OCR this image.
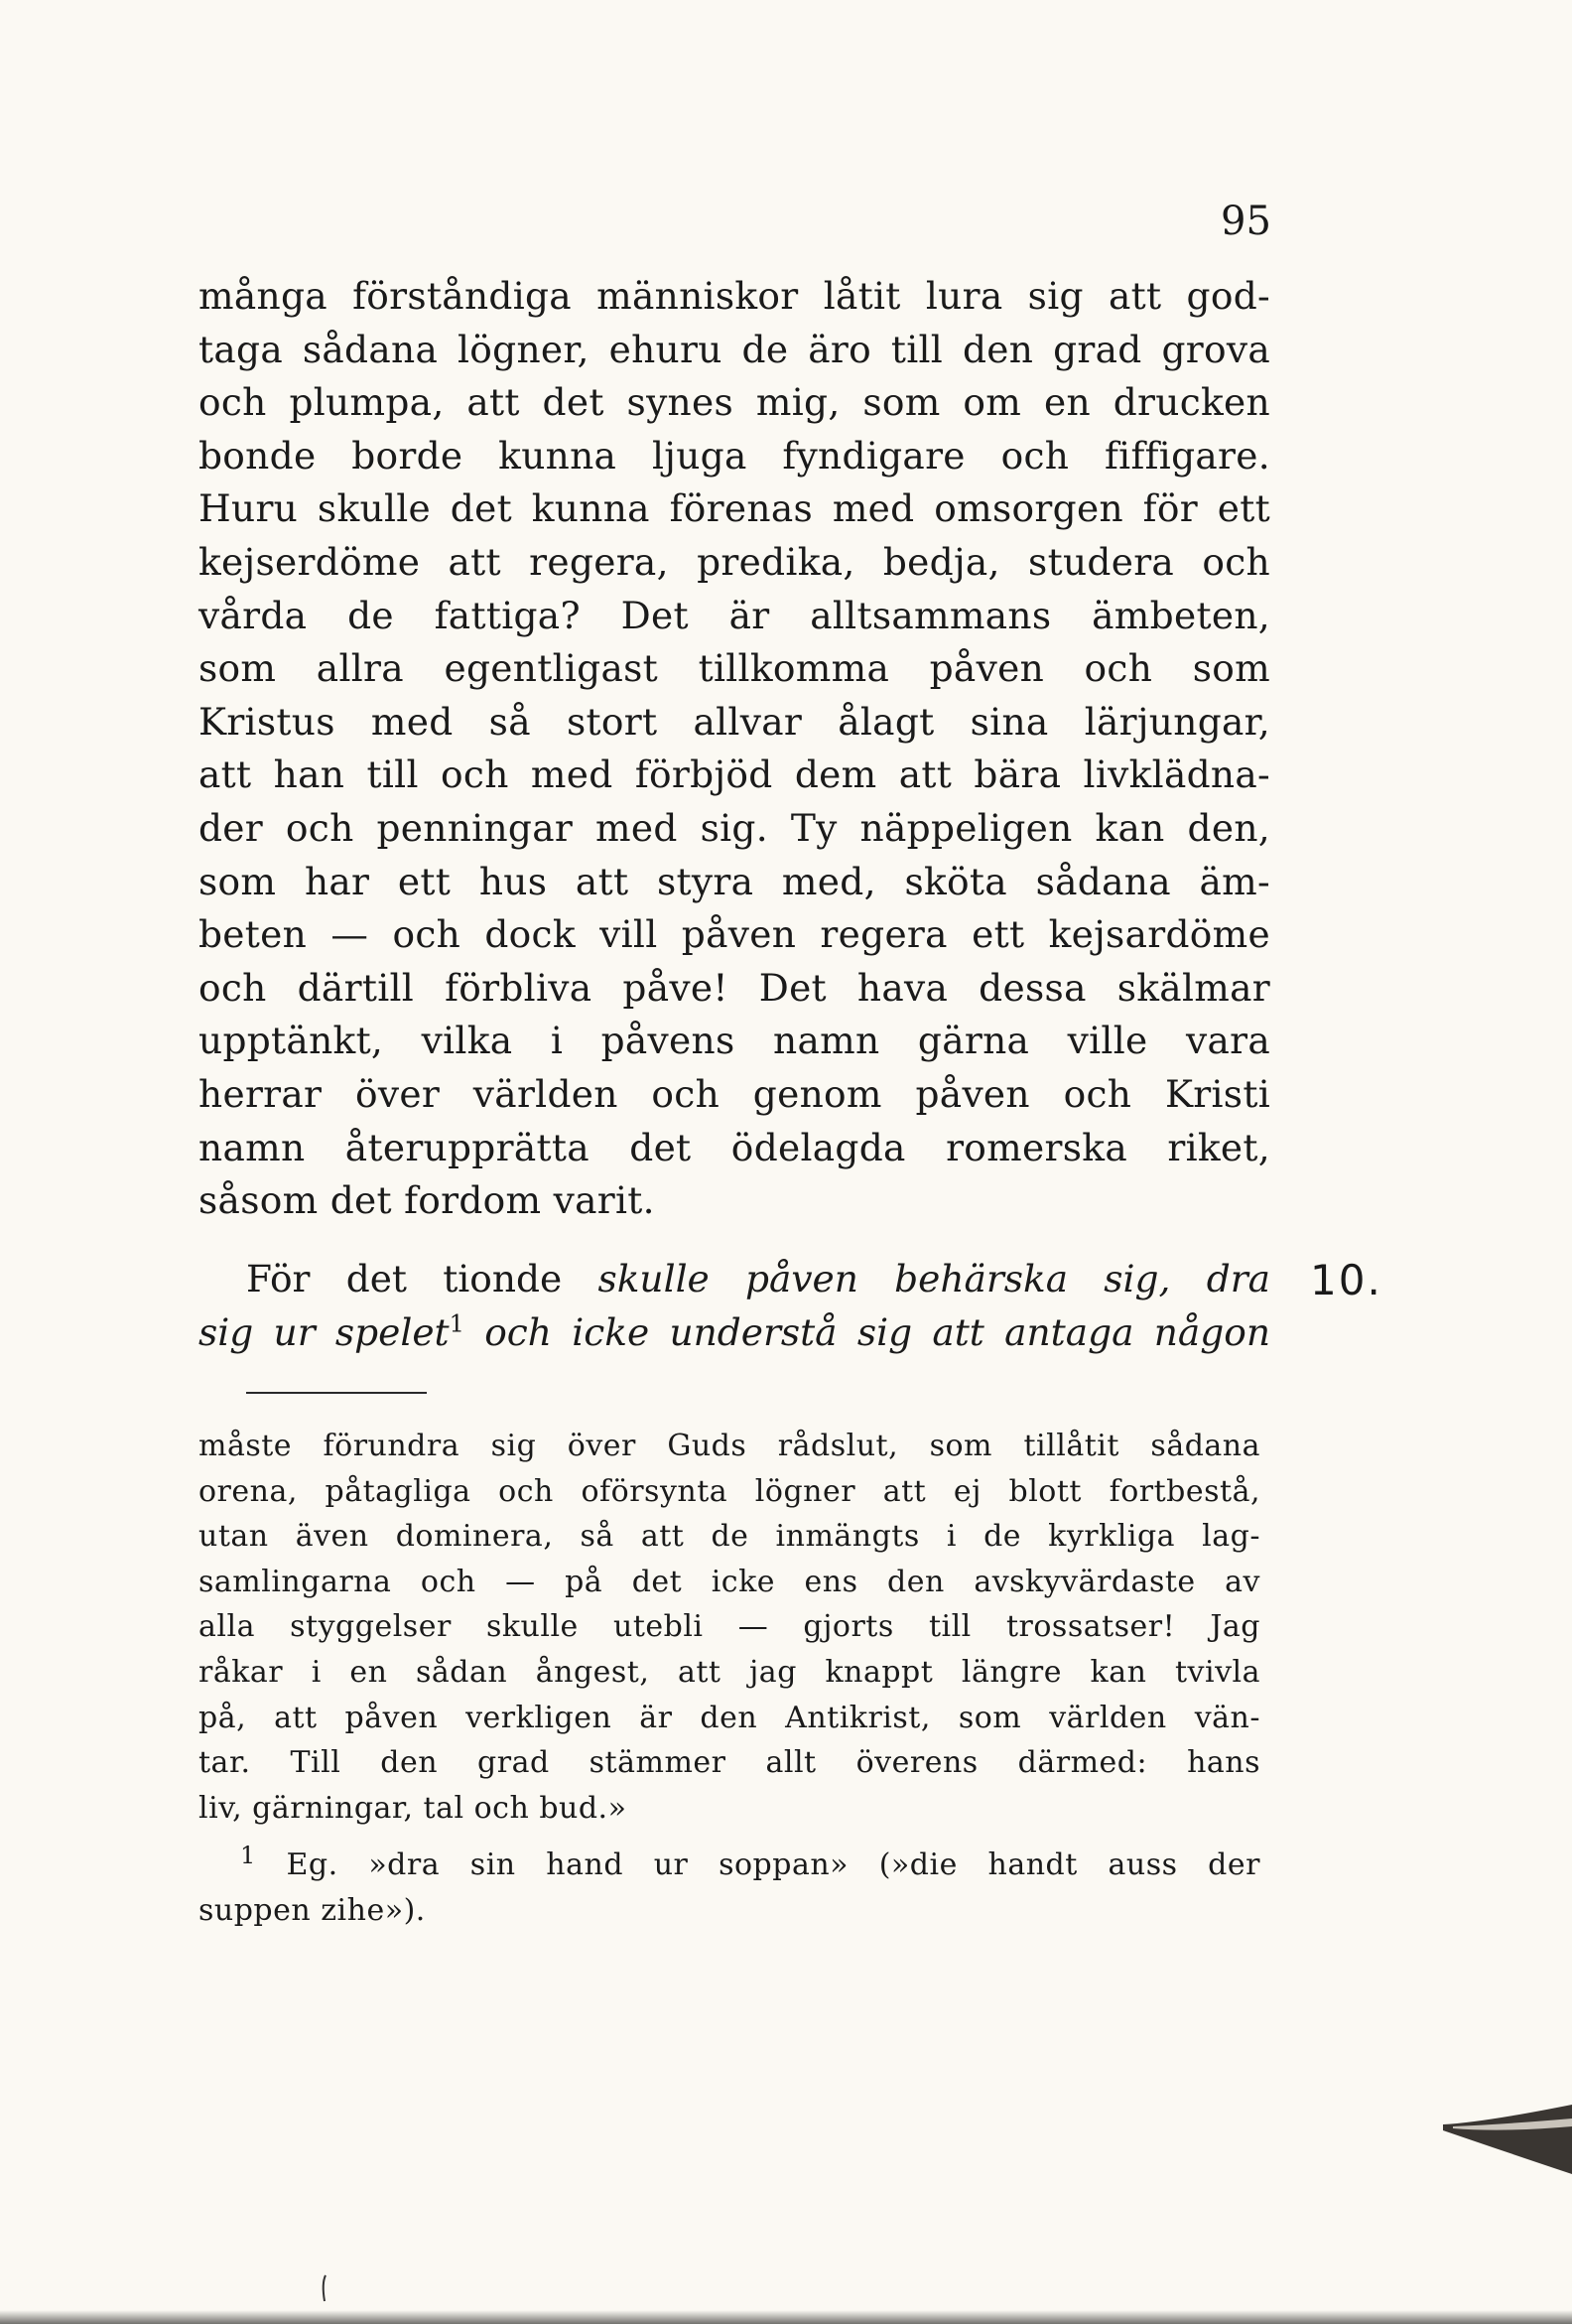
95
många förståndiga människor låtit lura sig att god-
taga sådana lögner, ehuru de äro till den grad grova
och plumpa, att det synes mig, som om en drucken
bonde borde kunna ljuga fyndigare och fiffigare.
Huru skulle det kunna förenas med omsorgen för ett
kejserdöme att regera, predika, bedja, studera och
vårda de fattiga? Det är alltsammans ämbeten,
som allra egentligast tillkomma påven och som
Kristus med så stort allvar ålagt sina lärjungar,
att han till och med förbjöd dem att bära livklädna-
der och penningar med sig. Ty näppeligen kan den,
som har ett hus att styra med, sköta sådana äm-
beten — och dock vill påven regera ett kejsardöme
och därtill förbliva påve! Det hava dessa skälmar
upptänkt, vilka i påvens namn gärna ville vara
herrar över världen och genom påven och Kristi
namn återupprätta det ödelagda romerska riket,
såsom det fordom varit.
För det tionde skulle påven behärska sig, dra
sig ur spelet$^1$ och icke understå sig att antaga någon
10.
måste förundra sig över Guds rådslut, som tillåtit sådana
orena, påtagliga och oförsynta lögner att ej blott fortbestå,
utan även dominera, så att de inmängts i de kyrkliga lag-
samlingarna och — på det icke ens den avskyvärdaste av
alla styggelser skulle utebli — gjorts till trossatser! Jag
råkar i en sådan ångest, att jag knappt längre kan tvivla
på, att påven verkligen är den Antikrist, som världen vän-
tar. Till den grad stämmer allt överens därmed: hans
liv, gärningar, tal och bud.»
$^1$ Eg. »dra sin hand ur soppan» (»die handt auss der
suppen zihe»).
